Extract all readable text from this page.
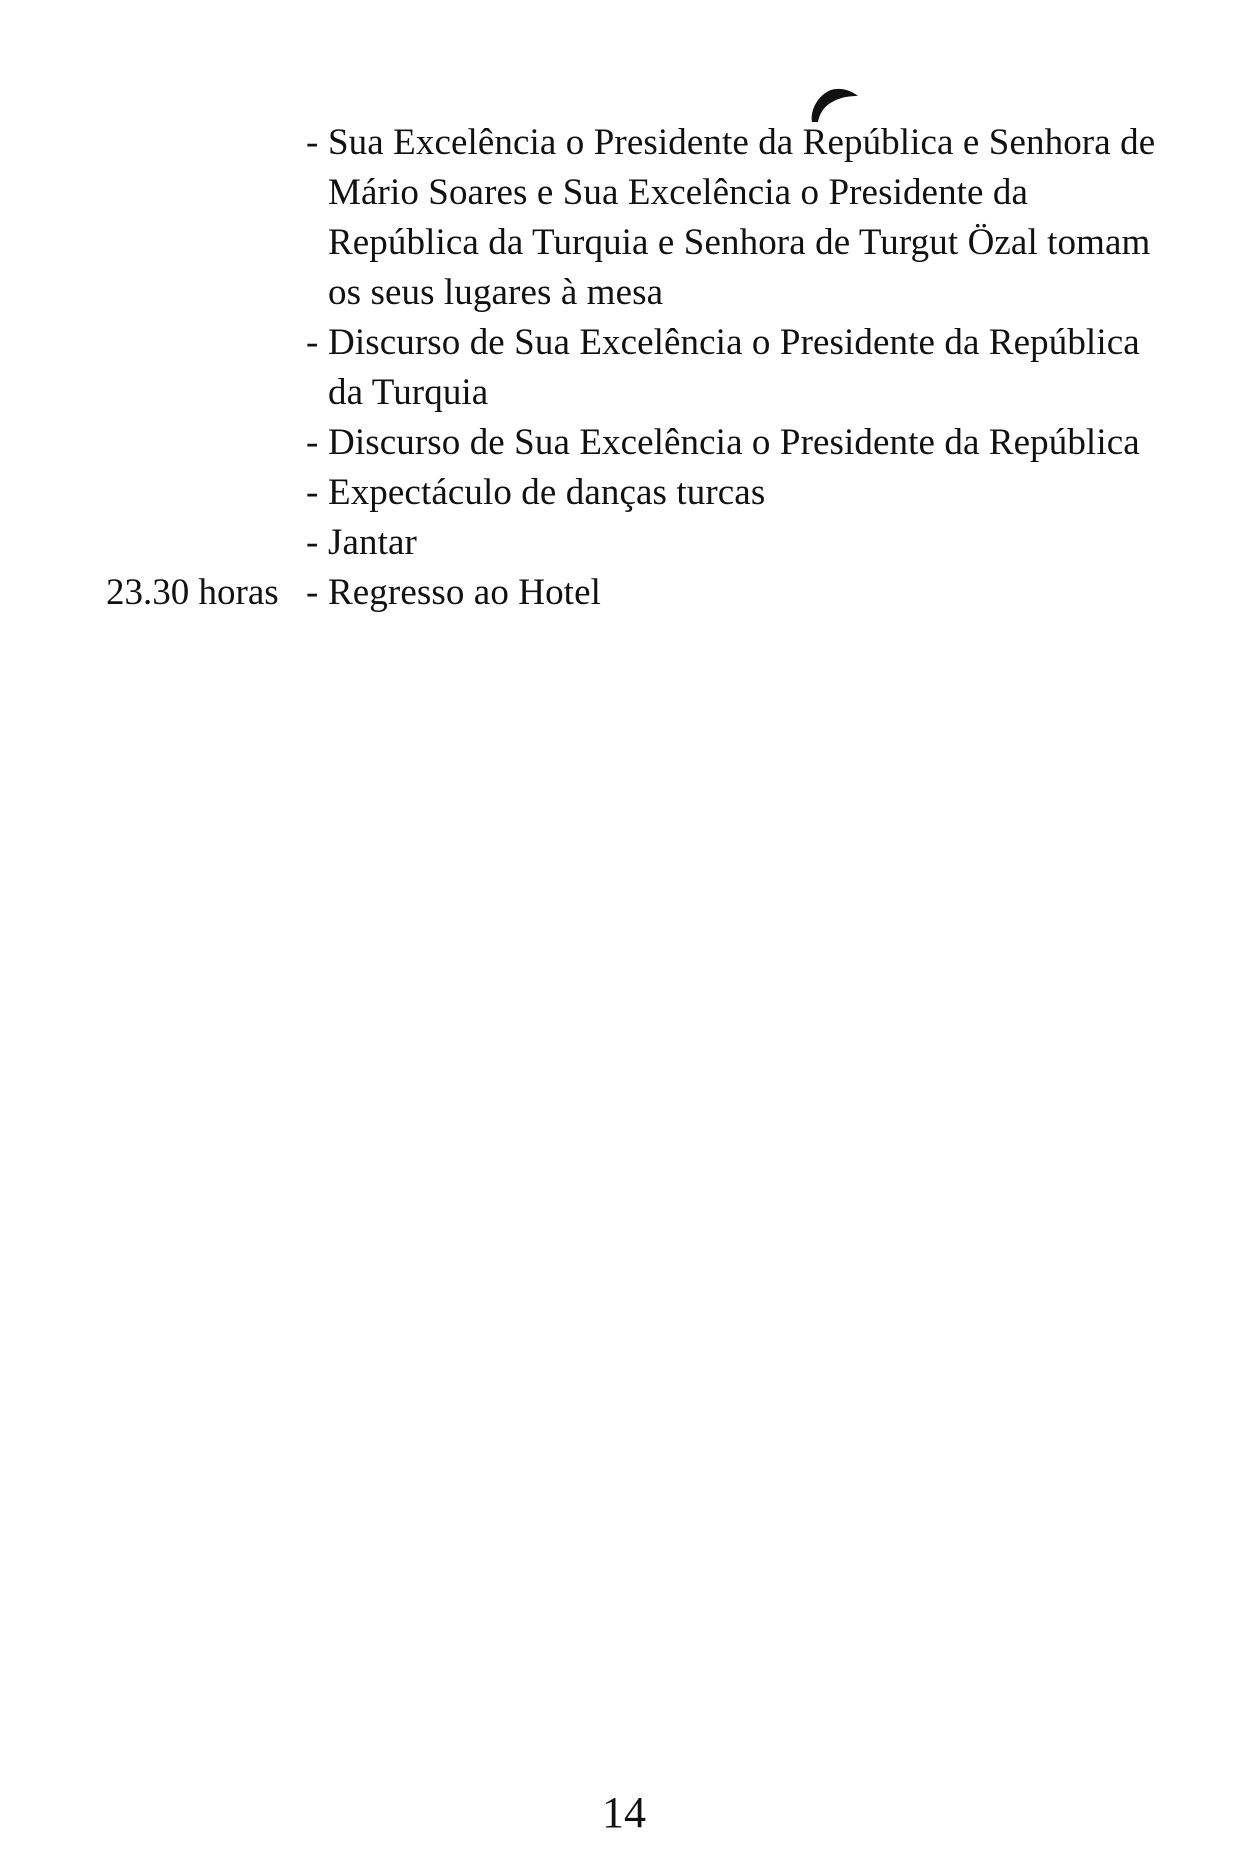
- Sua Excelência o Presidente da República e Senhora de Mário Soares e Sua Excelência o Presidente da República da Turquia e Senhora de Turgut Özal tomam os seus lugares à mesa
- Discurso de Sua Excelência o Presidente da República da Turquia
- Discurso de Sua Excelência o Presidente da República
- Expectáculo de danças turcas
- Jantar
23.30 horas - Regresso ao Hotel
14
